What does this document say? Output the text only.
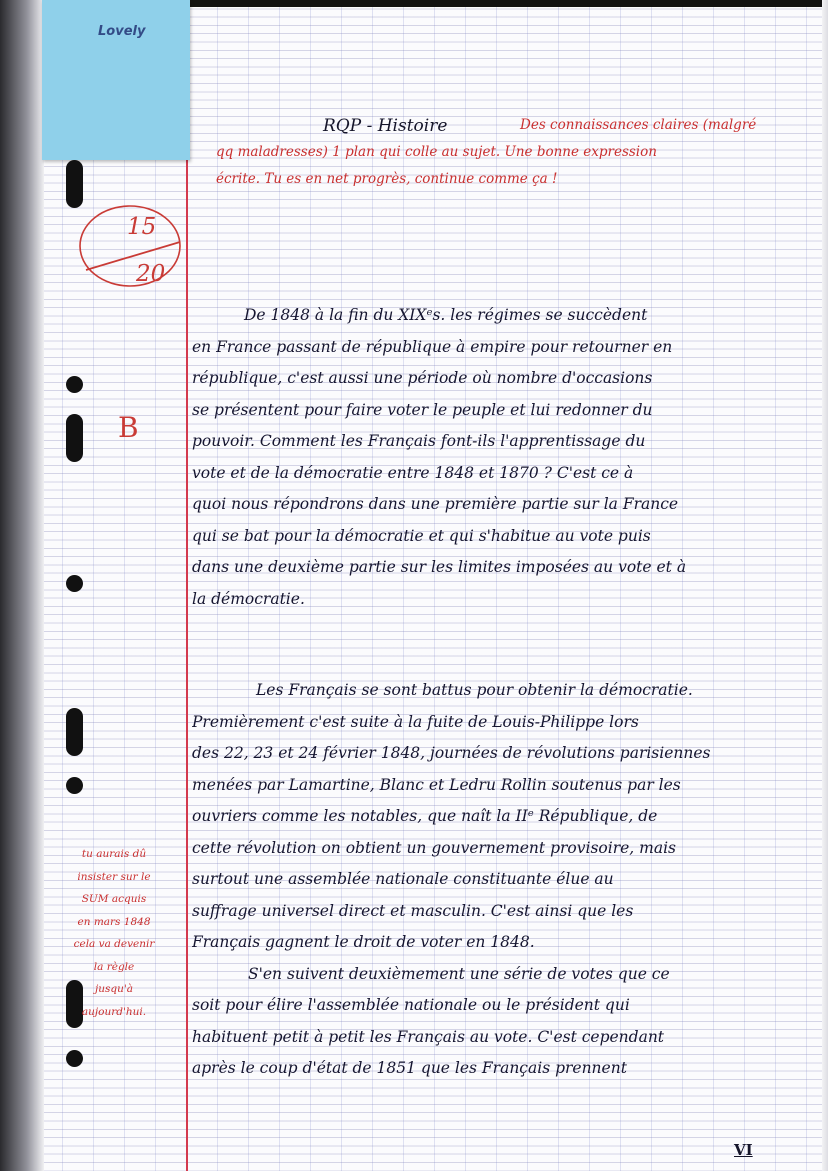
Lovely
15
20
B
RQP - Histoire	Des connaissances claires (malgré
qq maladresses) 1 plan qui colle au sujet. Une bonne expression
écrite. Tu es en net progrès, continue comme ça !
De 1848 à la fin du XIXᵉs. les régimes se succèdent
en France passant de république à empire pour retourner en
république, c'est aussi une période où nombre d'occasions
se présentent pour faire voter le peuple et lui redonner du
pouvoir. Comment les Français font-ils l'apprentissage du
vote et de la démocratie entre 1848 et 1870 ? C'est ce à
quoi nous répondrons dans une première partie sur la France
qui se bat pour la démocratie et qui s'habitue au vote puis
dans une deuxième partie sur les limites imposées au vote et à
la démocratie.
Les Français se sont battus pour obtenir la démocratie.
Premièrement c'est suite à la fuite de Louis-Philippe lors
des 22, 23 et 24 février 1848, journées de révolutions parisiennes
menées par Lamartine, Blanc et Ledru Rollin soutenus par les
ouvriers comme les notables, que naît la IIᵉ République, de
cette révolution on obtient un gouvernement provisoire, mais
surtout une assemblée nationale constituante élue au
suffrage universel direct et masculin. C'est ainsi que les
Français gagnent le droit de voter en 1848.
S'en suivent deuxièmement une série de votes que ce
soit pour élire l'assemblée nationale ou le président qui
habituent petit à petit les Français au vote. C'est cependant
après le coup d'état de 1851 que les Français prennent
tu aurais dû
insister sur le
SUM acquis
en mars 1848
cela va devenir
la règle
jusqu'à
aujourd'hui.
VI
